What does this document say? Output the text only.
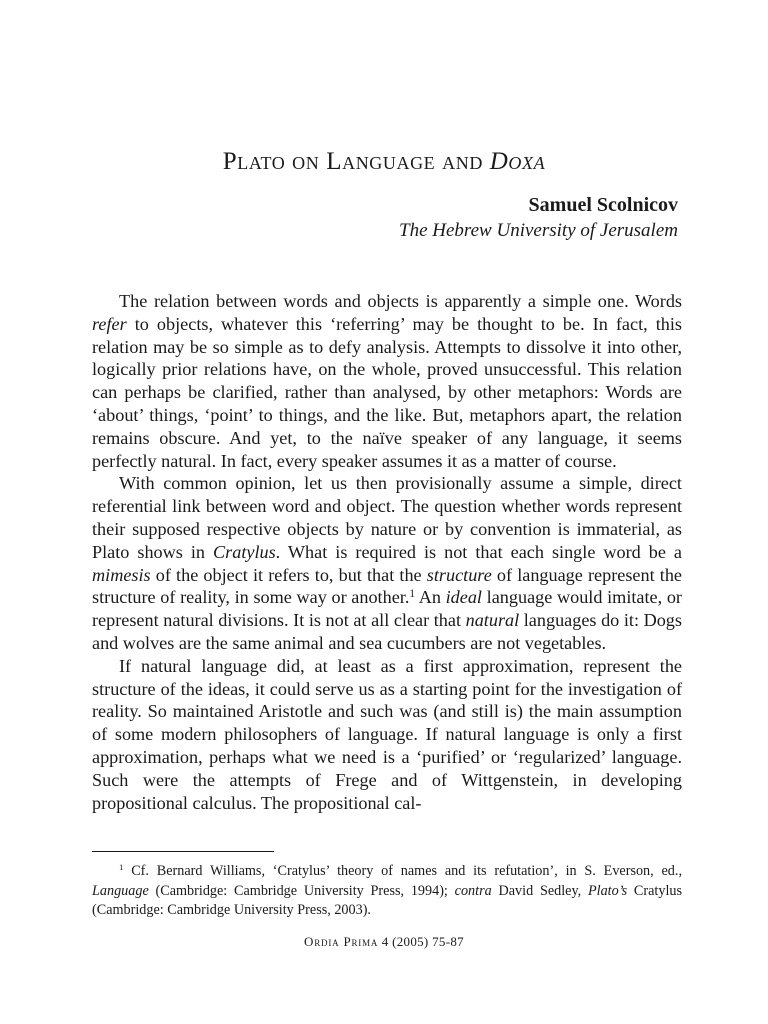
Plato on Language and Doxa
Samuel Scolnicov
The Hebrew University of Jerusalem

The relation between words and objects is apparently a simple one. Words refer to objects, whatever this ‘referring’ may be thought to be. In fact, this relation may be so simple as to defy analysis. Attempts to dissolve it into other, logically prior relations have, on the whole, proved unsuccessful. This relation can perhaps be clarified, rather than analysed, by other metaphors: Words are ‘about’ things, ‘point’ to things, and the like. But, metaphors apart, the relation remains obscure. And yet, to the naïve speaker of any language, it seems perfectly natural. In fact, every speaker assumes it as a matter of course.

With common opinion, let us then provisionally assume a simple, direct referential link between word and object. The question whether words represent their supposed respective objects by nature or by convention is immaterial, as Plato shows in Cratylus. What is required is not that each single word be a mimesis of the object it refers to, but that the structure of language represent the structure of reality, in some way or another.$^1$ An ideal language would imitate, or represent natural divisions. It is not at all clear that natural languages do it: Dogs and wolves are the same animal and sea cucumbers are not vegetables.

If natural language did, at least as a first approximation, represent the structure of the ideas, it could serve us as a starting point for the investigation of reality. So maintained Aristotle and such was (and still is) the main assumption of some modern philosophers of language. If natural language is only a first approximation, perhaps what we need is a ‘purified’ or ‘regularized’ language. Such were the attempts of Frege and of Wittgenstein, in developing propositional calculus. The propositional cal-

$^1$ Cf. Bernard Williams, ‘Cratylus’ theory of names and its refutation’, in S. Everson, ed., Language (Cambridge: Cambridge University Press, 1994); contra David Sedley, Plato’s Cratylus (Cambridge: Cambridge University Press, 2003).

Ordia Prima 4 (2005) 75-87
